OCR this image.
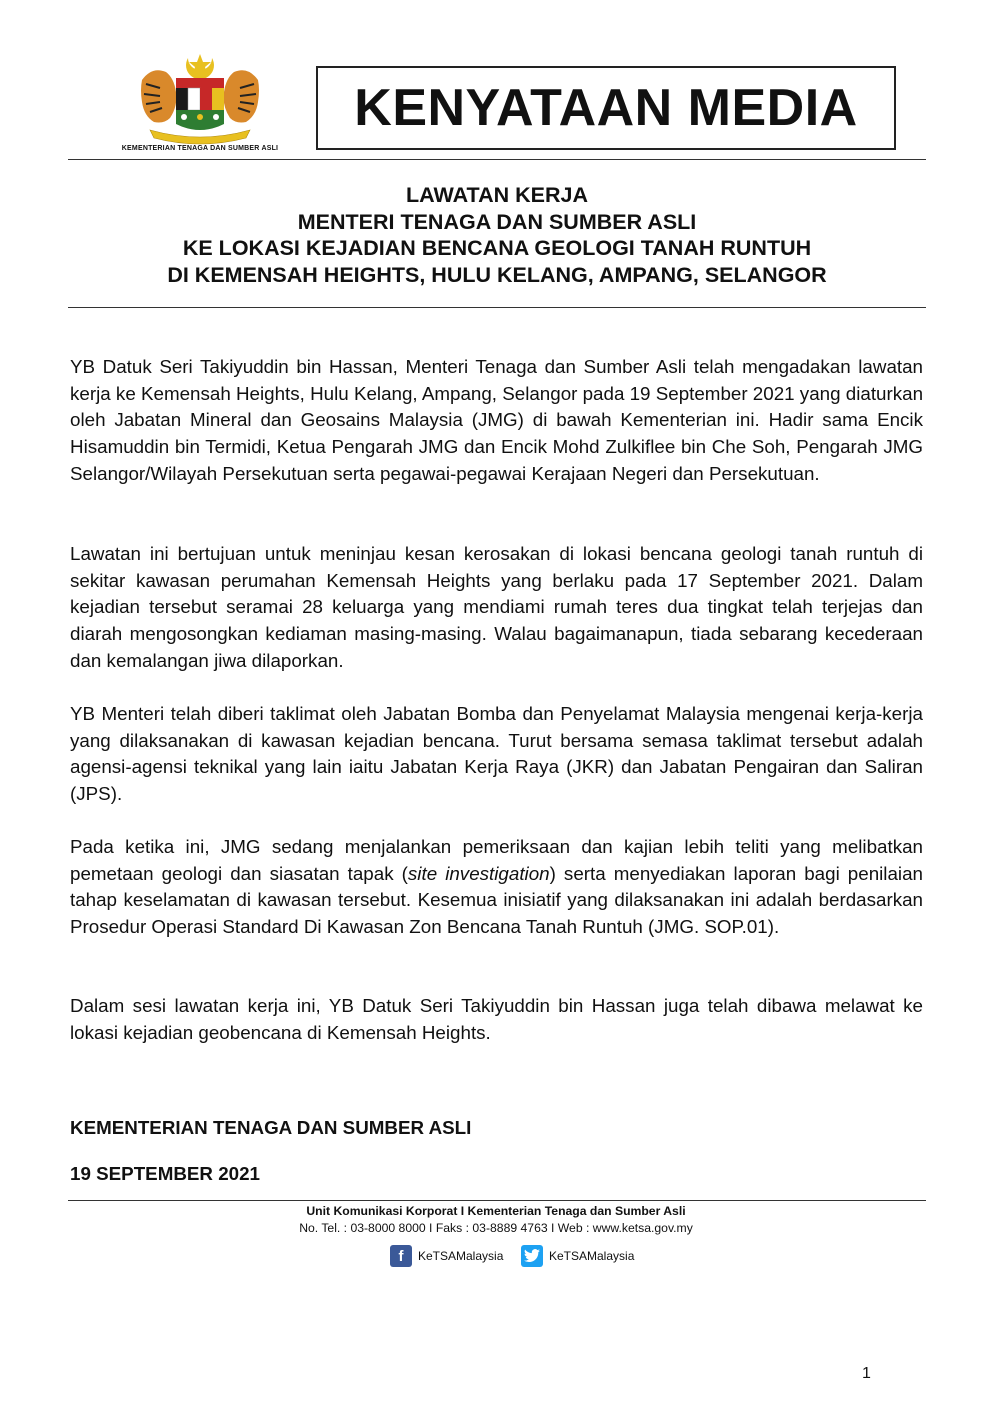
KEMENTERIAN TENAGA DAN SUMBER ASLI
KENYATAAN MEDIA
LAWATAN KERJA
MENTERI TENAGA DAN SUMBER ASLI
KE LOKASI KEJADIAN BENCANA GEOLOGI TANAH RUNTUH
DI KEMENSAH HEIGHTS, HULU KELANG, AMPANG, SELANGOR
YB Datuk Seri Takiyuddin bin Hassan, Menteri Tenaga dan Sumber Asli telah mengadakan lawatan kerja ke Kemensah Heights, Hulu Kelang, Ampang, Selangor pada 19 September 2021 yang diaturkan oleh Jabatan Mineral dan Geosains Malaysia (JMG) di bawah Kementerian ini. Hadir sama Encik Hisamuddin bin Termidi, Ketua Pengarah JMG dan Encik Mohd Zulkiflee bin Che Soh, Pengarah JMG Selangor/Wilayah Persekutuan serta pegawai-pegawai Kerajaan Negeri dan Persekutuan.
Lawatan ini bertujuan untuk meninjau kesan kerosakan di lokasi bencana geologi tanah runtuh di sekitar kawasan perumahan Kemensah Heights yang berlaku pada 17 September 2021. Dalam kejadian tersebut seramai 28 keluarga yang mendiami rumah teres dua tingkat telah terjejas dan diarah mengosongkan kediaman masing-masing. Walau bagaimanapun, tiada sebarang kecederaan dan kemalangan jiwa dilaporkan.
YB Menteri telah diberi taklimat oleh Jabatan Bomba dan Penyelamat Malaysia mengenai kerja-kerja yang dilaksanakan di kawasan kejadian bencana. Turut bersama semasa taklimat tersebut adalah agensi-agensi teknikal yang lain iaitu Jabatan Kerja Raya (JKR) dan Jabatan Pengairan dan Saliran (JPS).
Pada ketika ini, JMG sedang menjalankan pemeriksaan dan kajian lebih teliti yang melibatkan pemetaan geologi dan siasatan tapak (site investigation) serta menyediakan laporan bagi penilaian tahap keselamatan di kawasan tersebut. Kesemua inisiatif yang dilaksanakan ini adalah berdasarkan Prosedur Operasi Standard Di Kawasan Zon Bencana Tanah Runtuh (JMG. SOP.01).
Dalam sesi lawatan kerja ini, YB Datuk Seri Takiyuddin bin Hassan juga telah dibawa melawat ke lokasi kejadian geobencana di Kemensah Heights.
KEMENTERIAN TENAGA DAN SUMBER ASLI
19 SEPTEMBER 2021
Unit Komunikasi Korporat I Kementerian Tenaga dan Sumber Asli
No. Tel. : 03-8000 8000 I Faks : 03-8889 4763 I Web : www.ketsa.gov.my
f	KeTSAMalaysia	KeTSAMalaysia
1
